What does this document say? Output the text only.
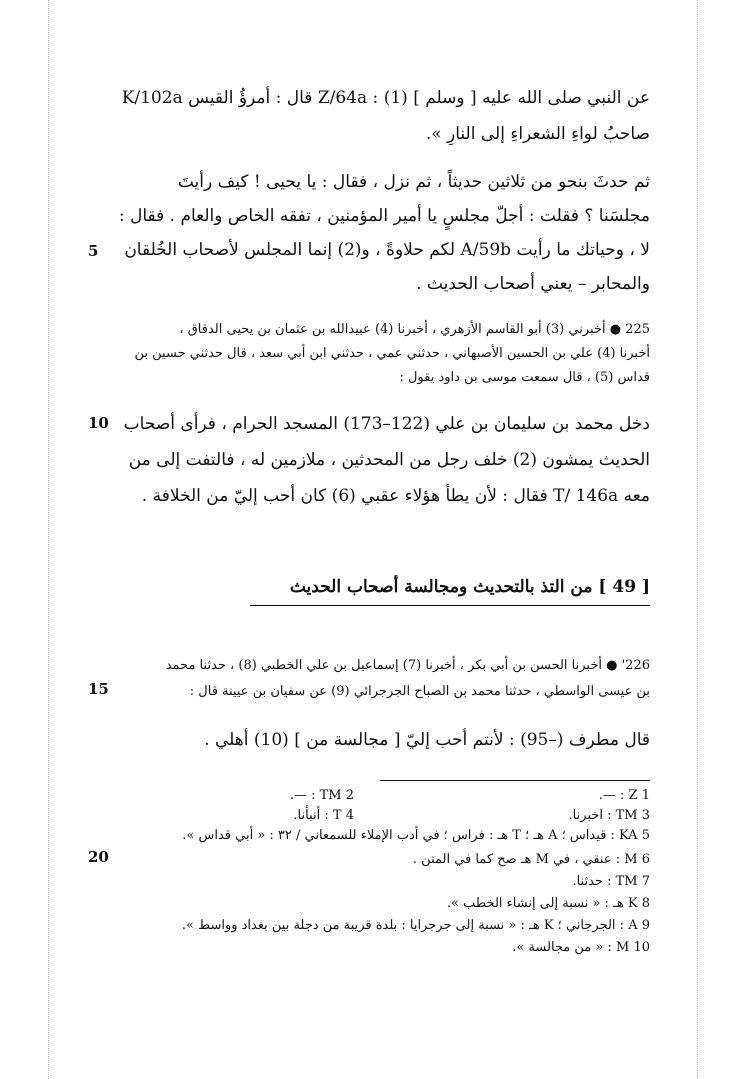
عن النبي صلى الله عليه [ وسلم ] (1) : Z/64a قال : أمرؤُ القيس K/102a
صاحبُ لواءِ الشعراءِ إلى النارِ ».
ثم حدثَ بنحو من ثلاثين حديثاً ، ثم نزل ، فقال : يا يحيى ! كيف رأيتَ
مجلسَنا ؟ فقلت : أجلّ مجلسٍ يا أمير المؤمنين ، تفقه الخاص والعام . فقال :
لا ، وحياتك ما رأيت A/59b لكم حلاوةً ، و(2) إنما المجلس لأصحاب الخُلقان
والمحابر – يعني أصحاب الحديث .
5
225 ● أخبرني (3) أبو القاسم الأزهري ، أخبرنا (4) عبيدالله بن عثمان بن يحيى الدقاق ،
أخبرنا (4) علي بن الحسين الأصبهاني ، حدثني عمي ، حدثني ابن أبي سعد ، قال حدثني حسين بن
قداس (5) ، قال سمعت موسى بن داود يقول :
دخل محمد بن سليمان بن علي (122–173) المسجد الحرام ، فرأى أصحاب
الحديث يمشون (2) خلف رجل من المحدثين ، ملازمين له ، فالتفت إلى من
معه T/ 146a فقال : لأن يطأ هؤلاء عقبي (6) كان أحب إليّ من الخلافة .
10
[ 49 ] من التذ بالتحديث ومجالسة أصحاب الحديث
226' ● أخبرنا الحسن بن أبي بكر ، أخبرنا (7) إسماعيل بن علي الخطبي (8) ، حدثنا محمد
بن عيسى الواسطي ، حدثنا محمد بن الصباح الجرجرائي (9) عن سفيان بن عيينة قال :
15
قال مطرف (–95) : لأنتم أحب إليّ [ مجالسة من ] (10) أهلي .
1 Z : —.
3 TM : اخبرنا.
5 KA : قيداس ؛ A هـ ؛ T هـ : فراس ؛ في أدب الإملاء للسمعاني / ٣٢ : « أبي قداس ».
6 M : عنقي ، في M هـ صح كما في المتن .
7 TM : حدثنا.
8 K هـ : « نسبة إلى إنشاء الخطب ».
9 A : الجرجاني ؛ K هـ : « نسبة إلى جرجرايا : بلدة قريبة من دجلة بين بغداد وواسط ».
10 M : « من مجالسة ».
2 TM : —.
4 T : أنبأنا.
20
